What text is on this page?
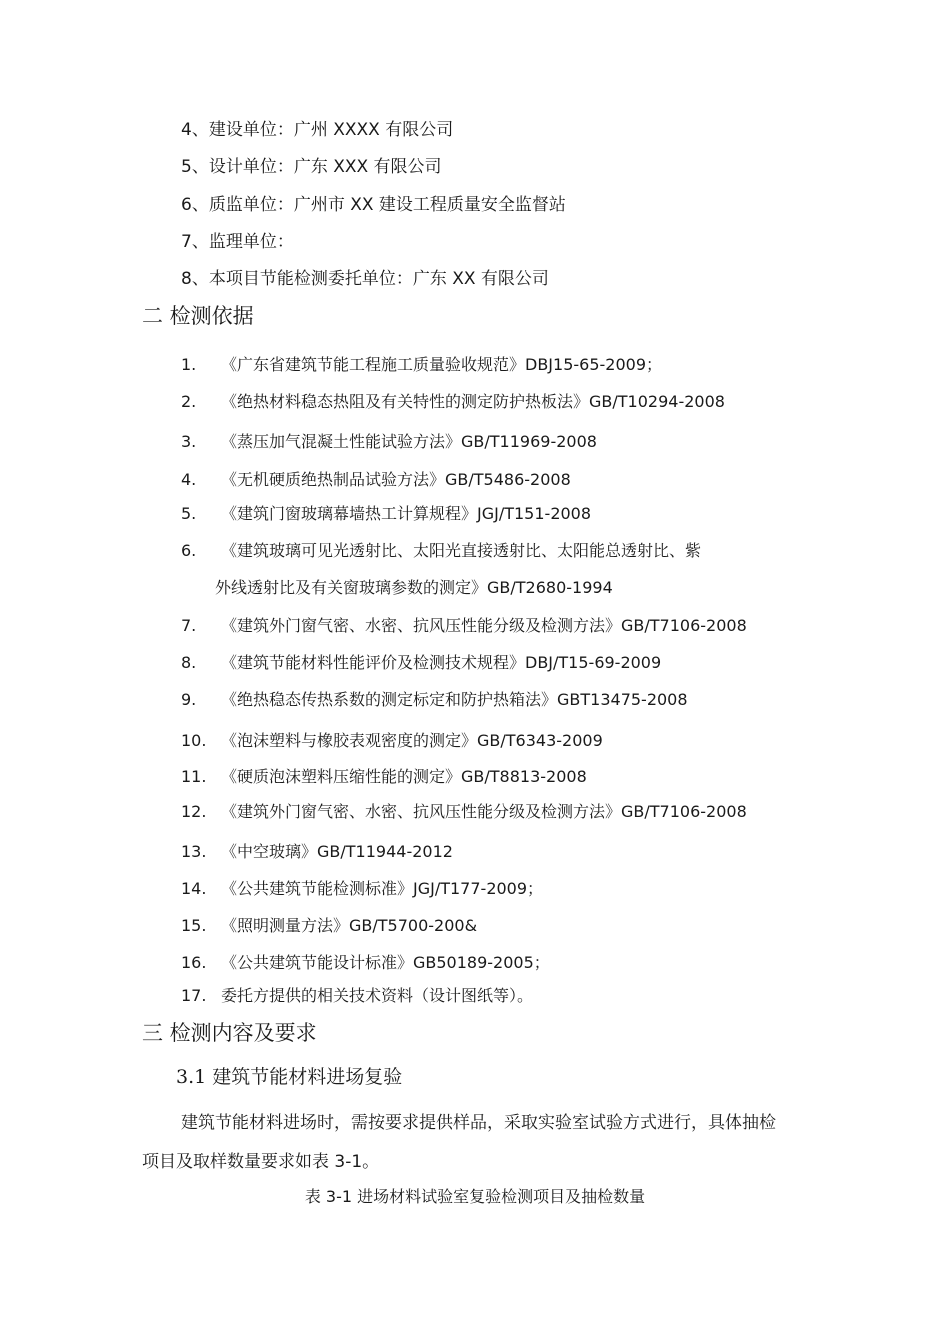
4、建设单位：广州 XXXX 有限公司
5、设计单位：广东 XXX 有限公司
6、质监单位：广州市 XX 建设工程质量安全监督站
7、监理单位：
8、本项目节能检测委托单位：广东 XX 有限公司
二 检测依据
1. 《广东省建筑节能工程施工质量验收规范》DBJ15-65-2009；
2. 《绝热材料稳态热阻及有关特性的测定防护热板法》GB/T10294-2008
3. 《蒸压加气混凝土性能试验方法》GB/T11969-2008
4. 《无机硬质绝热制品试验方法》GB/T5486-2008
5. 《建筑门窗玻璃幕墙热工计算规程》JGJ/T151-2008
6. 《建筑玻璃可见光透射比、太阳光直接透射比、太阳能总透射比、紫
外线透射比及有关窗玻璃参数的测定》GB/T2680-1994
7. 《建筑外门窗气密、水密、抗风压性能分级及检测方法》GB/T7106-2008
8. 《建筑节能材料性能评价及检测技术规程》DBJ/T15-69-2009
9. 《绝热稳态传热系数的测定标定和防护热箱法》GBT13475-2008
10. 《泡沫塑料与橡胶表观密度的测定》GB/T6343-2009
11. 《硬质泡沫塑料压缩性能的测定》GB/T8813-2008
12. 《建筑外门窗气密、水密、抗风压性能分级及检测方法》GB/T7106-2008
13. 《中空玻璃》GB/T11944-2012
14. 《公共建筑节能检测标准》JGJ/T177-2009；
15. 《照明测量方法》GB/T5700-200&
16. 《公共建筑节能设计标准》GB50189-2005；
17. 委托方提供的相关技术资料（设计图纸等）。
三 检测内容及要求
3.1 建筑节能材料进场复验
建筑节能材料进场时，需按要求提供样品，采取实验室试验方式进行，具体抽检
项目及取样数量要求如表 3-1。
表 3-1 进场材料试验室复验检测项目及抽检数量
